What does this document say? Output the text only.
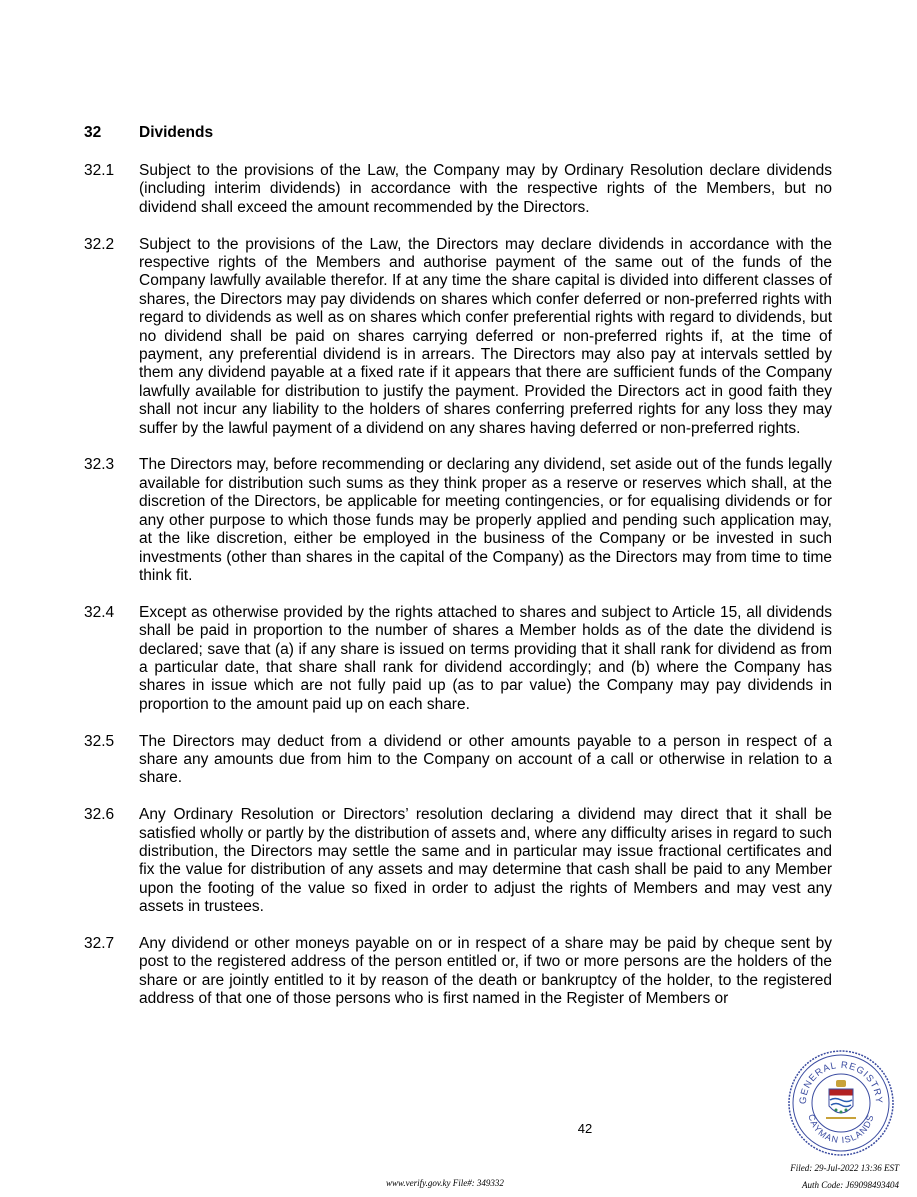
32 Dividends
32.1	Subject to the provisions of the Law, the Company may by Ordinary Resolution declare dividends (including interim dividends) in accordance with the respective rights of the Members, but no dividend shall exceed the amount recommended by the Directors.
32.2	Subject to the provisions of the Law, the Directors may declare dividends in accordance with the respective rights of the Members and authorise payment of the same out of the funds of the Company lawfully available therefor. If at any time the share capital is divided into different classes of shares, the Directors may pay dividends on shares which confer deferred or non-preferred rights with regard to dividends as well as on shares which confer preferential rights with regard to dividends, but no dividend shall be paid on shares carrying deferred or non-preferred rights if, at the time of payment, any preferential dividend is in arrears. The Directors may also pay at intervals settled by them any dividend payable at a fixed rate if it appears that there are sufficient funds of the Company lawfully available for distribution to justify the payment. Provided the Directors act in good faith they shall not incur any liability to the holders of shares conferring preferred rights for any loss they may suffer by the lawful payment of a dividend on any shares having deferred or non-preferred rights.
32.3	The Directors may, before recommending or declaring any dividend, set aside out of the funds legally available for distribution such sums as they think proper as a reserve or reserves which shall, at the discretion of the Directors, be applicable for meeting contingencies, or for equalising dividends or for any other purpose to which those funds may be properly applied and pending such application may, at the like discretion, either be employed in the business of the Company or be invested in such investments (other than shares in the capital of the Company) as the Directors may from time to time think fit.
32.4	Except as otherwise provided by the rights attached to shares and subject to Article 15, all dividends shall be paid in proportion to the number of shares a Member holds as of the date the dividend is declared; save that (a) if any share is issued on terms providing that it shall rank for dividend as from a particular date, that share shall rank for dividend accordingly; and (b) where the Company has shares in issue which are not fully paid up (as to par value) the Company may pay dividends in proportion to the amount paid up on each share.
32.5	The Directors may deduct from a dividend or other amounts payable to a person in respect of a share any amounts due from him to the Company on account of a call or otherwise in relation to a share.
32.6	Any Ordinary Resolution or Directors’ resolution declaring a dividend may direct that it shall be satisfied wholly or partly by the distribution of assets and, where any difficulty arises in regard to such distribution, the Directors may settle the same and in particular may issue fractional certificates and fix the value for distribution of any assets and may determine that cash shall be paid to any Member upon the footing of the value so fixed in order to adjust the rights of Members and may vest any assets in trustees.
32.7	Any dividend or other moneys payable on or in respect of a share may be paid by cheque sent by post to the registered address of the person entitled or, if two or more persons are the holders of the share or are jointly entitled to it by reason of the death or bankruptcy of the holder, to the registered address of that one of those persons who is first named in the Register of Members or
42
GENERAL REGISTRY
CAYMAN ISLANDS
www.verify.gov.ky File#: 349332
Filed: 29-Jul-2022 13:36 EST
Auth Code: J69098493404
